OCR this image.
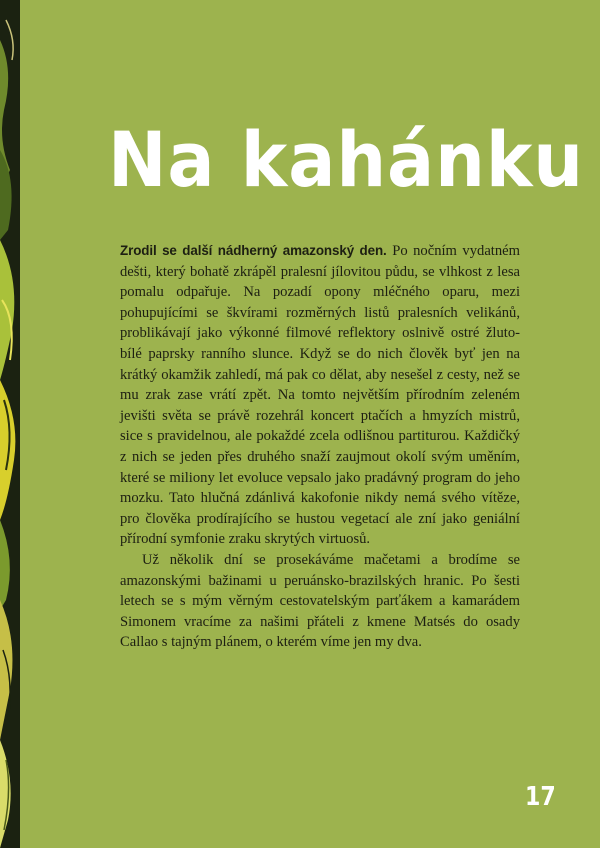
Na kahánku

Zrodil se další nádherný amazonský den. Po nočním vydatném dešti, který bohatě zkrápěl pralesní jílovitou půdu, se vlhkost z lesa pomalu odpařuje. Na pozadí opony mléčného oparu, mezi pohupujícími se škvírami rozměrných listů pralesních velikánů, problikávají jako výkonné filmové reflektory oslnivě ostré žluto-bílé paprsky ranního slunce. Když se do nich člověk byť jen na krátký okamžik zahledí, má pak co dělat, aby nesešel z cesty, než se mu zrak zase vrátí zpět. Na tomto největším přírodním zeleném jevišti světa se právě rozehrál koncert ptačích a hmyzích mistrů, sice s pravidelnou, ale pokaždé zcela odlišnou partiturou. Každičký z nich se jeden přes druhého snaží zaujmout okolí svým uměním, které se miliony let evoluce vepsalo jako pradávný program do jeho mozku. Tato hlučná zdánlivá kakofonie nikdy nemá svého vítěze, pro člověka prodírajícího se hustou vegetací ale zní jako geniální přírodní symfonie zraku skrytých virtuosů.

Už několik dní se prosekáváme mačetami a brodíme se amazonskými bažinami u peruánsko-brazilských hranic. Po šesti letech se s mým věrným cestovatelským parťákem a kamarádem Simonem vracíme za našimi přáteli z kmene Matsés do osady Callao s tajným plánem, o kterém víme jen my dva.

17
